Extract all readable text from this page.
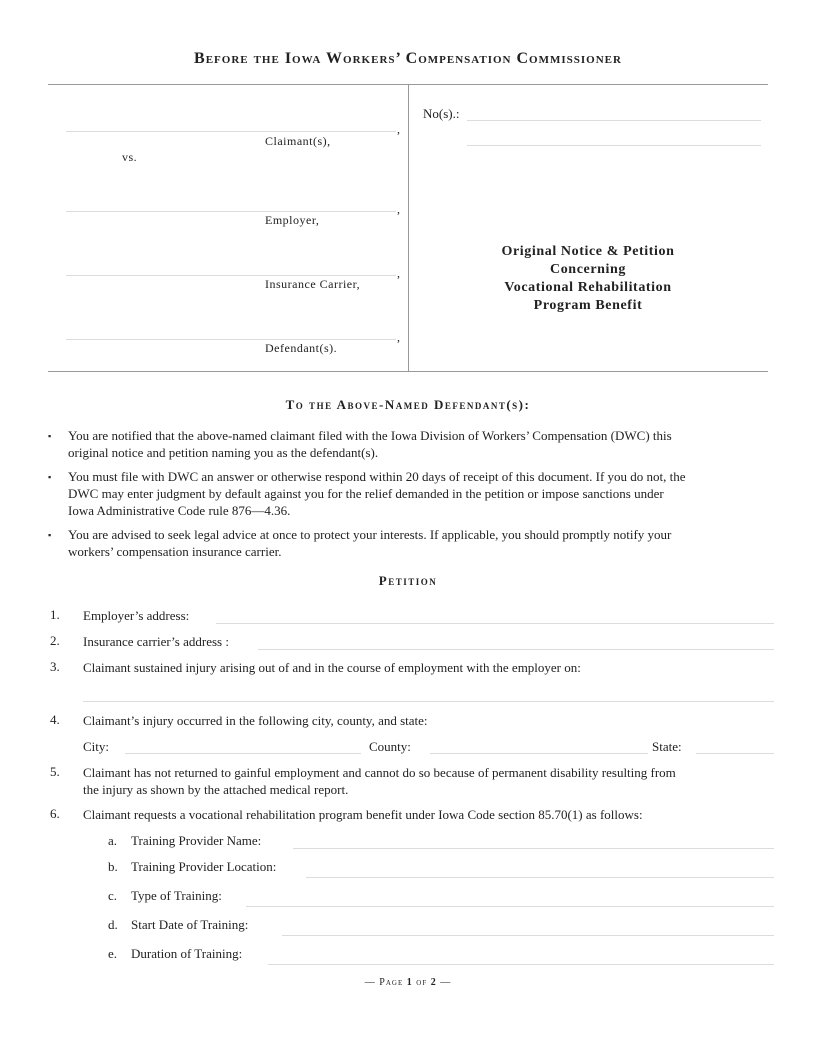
Before the Iowa Workers’ Compensation Commissioner
,
Claimant(s),
vs.
,
Employer,
,
Insurance Carrier,
,
Defendant(s).
No(s).:
Original Notice & Petition
Concerning
Vocational Rehabilitation
Program Benefit
To the Above-Named Defendant(s):
▪ You are notified that the above-named claimant filed with the Iowa Division of Workers’ Compensation (DWC) this
original notice and petition naming you as the defendant(s).
▪ You must file with DWC an answer or otherwise respond within 20 days of receipt of this document. If you do not, the
DWC may enter judgment by default against you for the relief demanded in the petition or impose sanctions under
Iowa Administrative Code rule 876—4.36.
▪ You are advised to seek legal advice at once to protect your interests. If applicable, you should promptly notify your
workers’ compensation insurance carrier.
Petition
1. Employer’s address:
2. Insurance carrier’s address :
3. Claimant sustained injury arising out of and in the course of employment with the employer on:
4. Claimant’s injury occurred in the following city, county, and state:
City:	County:	State:
5. Claimant has not returned to gainful employment and cannot do so because of permanent disability resulting from
the injury as shown by the attached medical report.
6. Claimant requests a vocational rehabilitation program benefit under Iowa Code section 85.70(1) as follows:
a. Training Provider Name:
b. Training Provider Location:
c. Type of Training:
d. Start Date of Training:
e. Duration of Training:
— Page 1 of 2 —
